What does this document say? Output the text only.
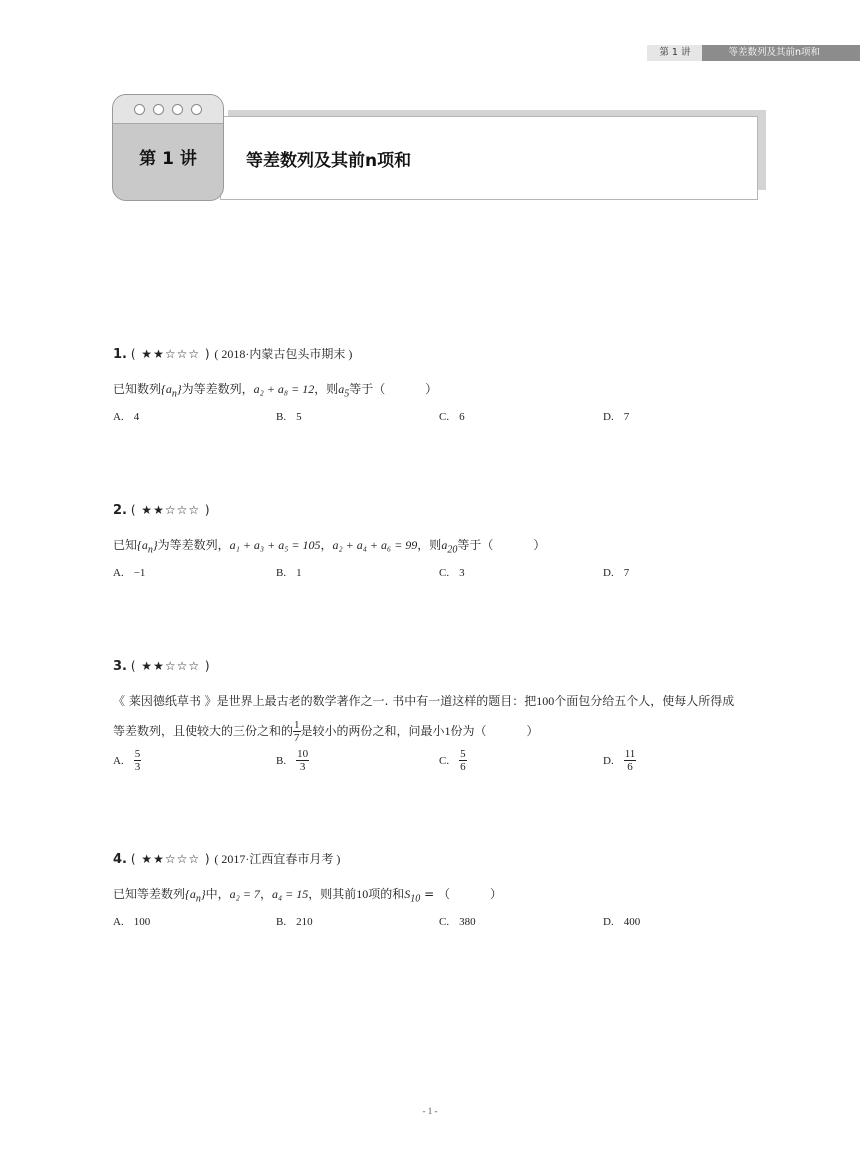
第 1 讲	等差数列及其前n项和
第 1 讲	等差数列及其前n项和
1. ( ★★☆☆☆ ) ( 2018·内蒙古包头市期末 )
已知数列$\{a_n\}$为等差数列，a₂ + a₈ = 12，则$a_5$等于（	）
A. 4	B. 5	C. 6	D. 7
2. ( ★★☆☆☆ )
已知$\{a_n\}$为等差数列，a₁ + a₃ + a₅ = 105，a₂ + a₄ + a₆ = 99，则$a_{20}$等于（	）
A. −1	B. 1	C. 3	D. 7
3. ( ★★☆☆☆ )
《 莱因德纸草书 》是世界上最古老的数学著作之一. 书中有一道这样的题目：把100个面包分给五个人，使每人所得成
等差数列，且使较大的三份之和的 $\frac{1}{7}$ 是较小的两份之和，问最小1份为（	）
A. $\frac{5}{3}$	B. $\frac{10}{3}$	C. $\frac{5}{6}$	D. $\frac{11}{6}$
4. ( ★★☆☆☆ ) ( 2017·江西宜春市月考 )
已知等差数列$\{a_n\}$中，a₂ = 7，a₄ = 15，则其前10项的和$S_{10}$ = （	）
A. 100	B. 210	C. 380	D. 400
- 1 -
